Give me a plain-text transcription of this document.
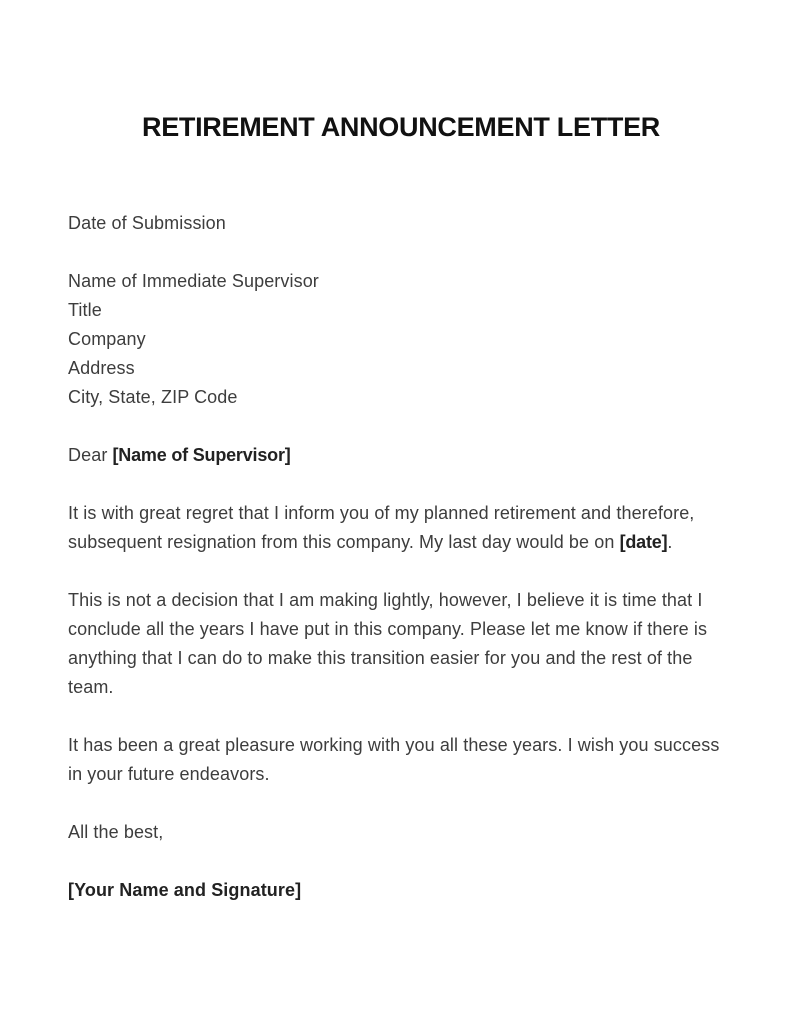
RETIREMENT ANNOUNCEMENT LETTER
Date of Submission
Name of Immediate Supervisor
Title
Company
Address
City, State, ZIP Code

Dear [Name of Supervisor]

It is with great regret that I inform you of my planned retirement and therefore, subsequent resignation from this company. My last day would be on [date].

This is not a decision that I am making lightly, however, I believe it is time that I conclude all the years I have put in this company. Please let me know if there is anything that I can do to make this transition easier for you and the rest of the team.

It has been a great pleasure working with you all these years. I wish you success in your future endeavors.

All the best,

[Your Name and Signature]
